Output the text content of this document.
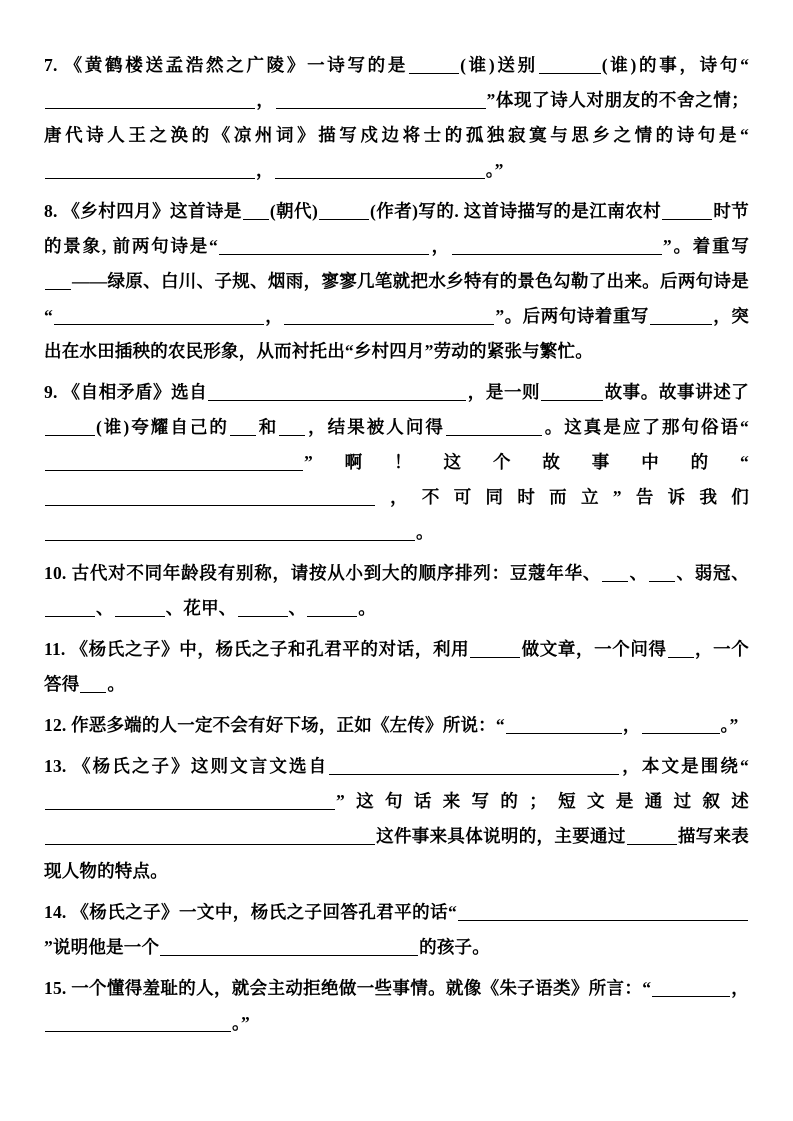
7. 《黄鹤楼送孟浩然之广陵》一诗写的是	(谁)送别	(谁)的事，诗句“，	”体现了诗人对朋友的不舍之情；唐代诗人王之涣的《凉州词》描写戍边将士的孤独寂寞与思乡之情的诗句是“，	。”

8. 《乡村四月》这首诗是 (朝代)	(作者)写的. 这首诗描写的是江南农村	时节的景象, 前两句诗是“	，	”。着重写——绿原、白川、子规、烟雨，寥寥几笔就把水乡特有的景色勾勒了出来。后两句诗是“	，	”。后两句诗着重写	，突出在水田插秧的农民形象，从而衬托出“乡村四月”劳动的紧张与繁忙。

9. 《自相矛盾》选自	，是一则	故事。故事讲述了(谁)夸耀自己的 和 ，结果被人问得	。这真是应了那句俗语“”啊！这个故事中的“，不可同时而立”告诉我们。

10. 古代对不同年龄段有别称，请按从小到大的顺序排列：豆蔻年华、 、 、弱冠、、	、花甲、	、	。

11. 《杨氏之子》中，杨氏之子和孔君平的对话，利用	做文章，一个问得 ，一个答得 。

12. 作恶多端的人一定不会有好下场，正如《左传》所说：“	，	。”

13. 《杨氏之子》这则文言文选自	，本文是围绕“”这句话来写的；短文是通过叙述这件事来具体说明的，主要通过	描写来表现人物的特点。

14. 《杨氏之子》一文中，杨氏之子回答孔君平的话“”说明他是一个	的孩子。

15. 一个懂得羞耻的人，就会主动拒绝做一些事情。就像《朱子语类》所言：“	，。”
